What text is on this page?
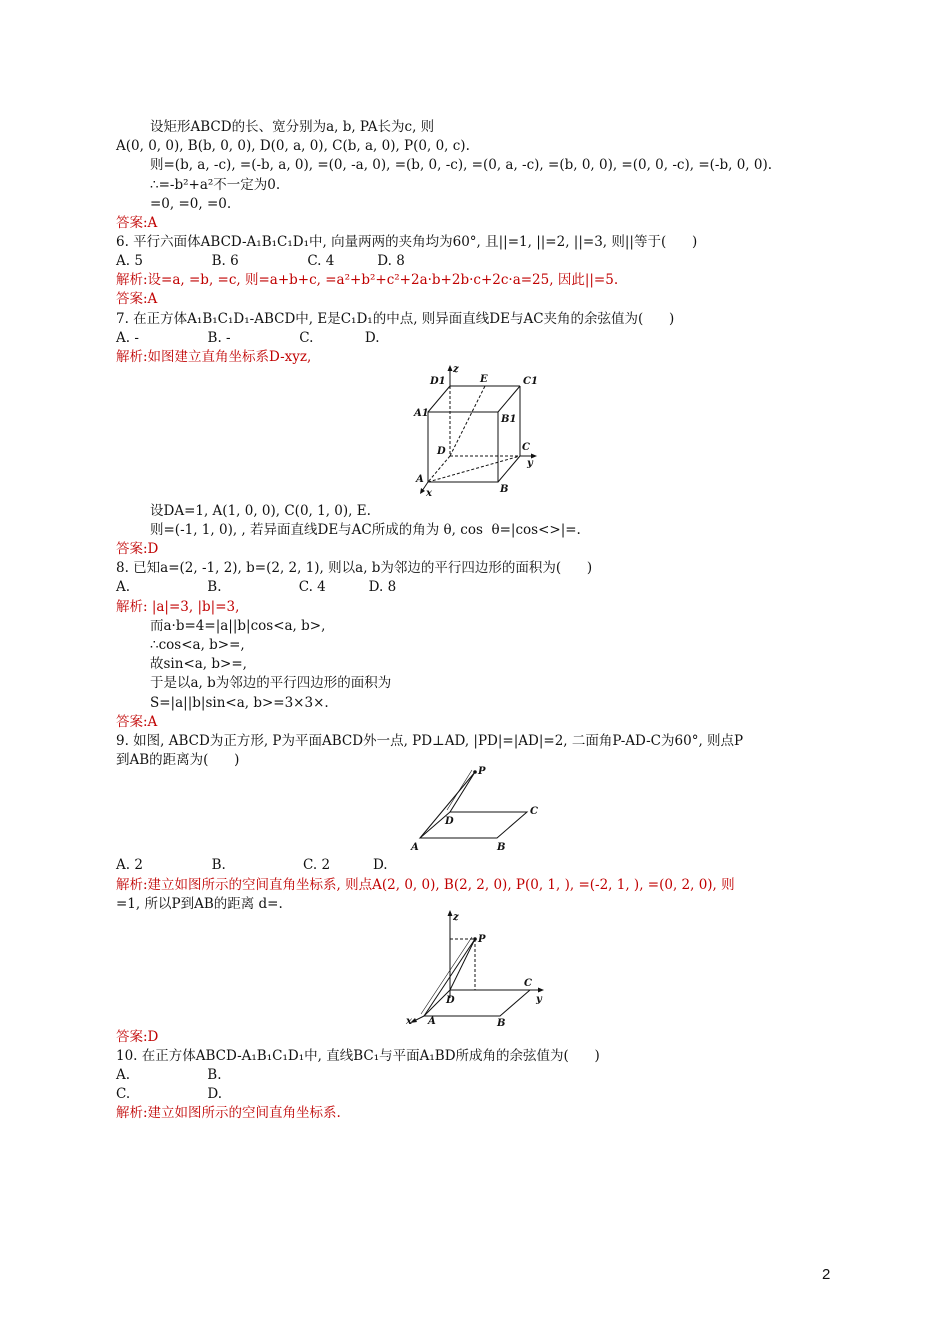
设矩形ABCD的长、宽分别为a, b, PA长为c, 则
A(0, 0, 0), B(b, 0, 0), D(0, a, 0), C(b, a, 0), P(0, 0, c).
则=(b, a, -c), =(-b, a, 0), =(0, -a, 0), =(b, 0, -c), =(0, a, -c), =(b, 0, 0), =(0, 0, -c), =(-b, 0, 0).
∴=-b²+a²不一定为0.
=0, =0, =0.
答案:A
6. 平行六面体ABCD-A₁B₁C₁D₁中, 向量两两的夹角均为60°, 且||=1, ||=2, ||=3, 则||等于(      )
A. 5                B. 6                C. 4          D. 8
解析:设=a, =b, =c, 则=a+b+c, =a²+b²+c²+2a·b+2b·c+2c·a=25, 因此||=5.
答案:A
7. 在正方体A₁B₁C₁D₁-ABCD中, E是C₁D₁的中点, 则异面直线DE与AC夹角的余弦值为(      )
A. -                B. -                C.            D.
解析:如图建立直角坐标系D-xyz,
设DA=1, A(1, 0, 0), C(0, 1, 0), E.
则=(-1, 1, 0), , 若异面直线DE与AC所成的角为 θ, cos  θ=|cos<>|=.
答案:D
8. 已知a=(2, -1, 2), b=(2, 2, 1), 则以a, b为邻边的平行四边形的面积为(      )
A.                  B.                  C. 4          D. 8
解析: |a|=3, |b|=3,
而a·b=4=|a||b|cos<a, b>,
∴cos<a, b>=,
故sin<a, b>=,
于是以a, b为邻边的平行四边形的面积为
S=|a||b|sin<a, b>=3×3×.
答案:A
9. 如图, ABCD为正方形, P为平面ABCD外一点, PD⊥AD, |PD|=|AD|=2, 二面角P-AD-C为60°, 则点P
到AB的距离为(      )
A. 2                B.                  C. 2          D.
解析:建立如图所示的空间直角坐标系, 则点A(2, 0, 0), B(2, 2, 0), P(0, 1, ), =(-2, 1, ), =(0, 2, 0), 则
=1, 所以P到AB的距离 d=.
答案:D
10. 在正方体ABCD-A₁B₁C₁D₁中, 直线BC₁与平面A₁BD所成角的余弦值为(      )
A.                  B.
C.                  D.
解析:建立如图所示的空间直角坐标系.
z
D1	E	C1
A1
B1
C
D
y
A
B
x
P
C
D
A	B
z
P
C
D	y
x A	B
2
